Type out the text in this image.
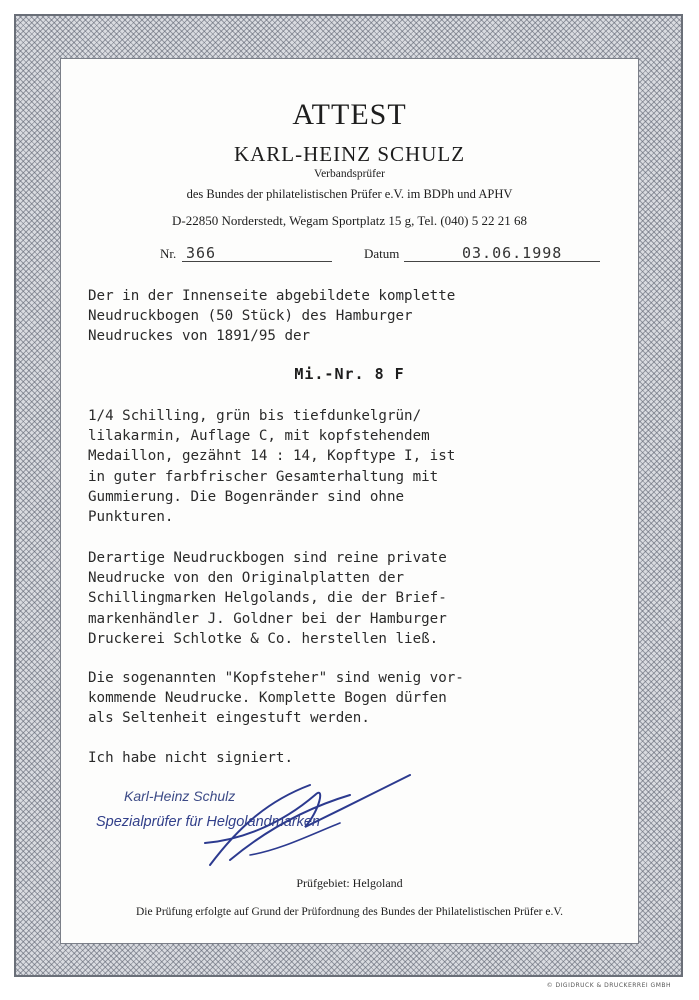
ATTEST
KARL-HEINZ SCHULZ
Verbandsprüfer
des Bundes der philatelistischen Prüfer e.V. im BDPh und APHV
D-22850 Norderstedt, Wegam Sportplatz 15 g, Tel. (040) 5 22 21 68
Nr. 366	Datum	03.06.1998
Der in der Innenseite abgebildete komplette
Neudruckbogen (50 Stück) des Hamburger
Neudruckes von 1891/95 der
Mi.-Nr. 8 F
1/4 Schilling, grün bis tiefdunkelgrün/
lilakarmin, Auflage C, mit kopfstehendem
Medaillon, gezähnt 14 : 14, Kopftype I, ist
in guter farbfrischer Gesamterhaltung mit
Gummierung. Die Bogenränder sind ohne
Punkturen.
Derartige Neudruckbogen sind reine private
Neudrucke von den Originalplatten der
Schillingmarken Helgolands, die der Brief-
markenhändler J. Goldner bei der Hamburger
Druckerei Schlotke & Co. herstellen ließ.
Die sogenannten "Kopfsteher" sind wenig vor-
kommende Neudrucke. Komplette Bogen dürfen
als Seltenheit eingestuft werden.
Ich habe nicht signiert.
Karl-Heinz Schulz
Spezialprüfer für Helgolandmarken
Prüfgebiet: Helgoland
Die Prüfung erfolgte auf Grund der Prüfordnung des Bundes der Philatelistischen Prüfer e.V.
© DIGIDRUCK & DRUCKERREI GMBH
